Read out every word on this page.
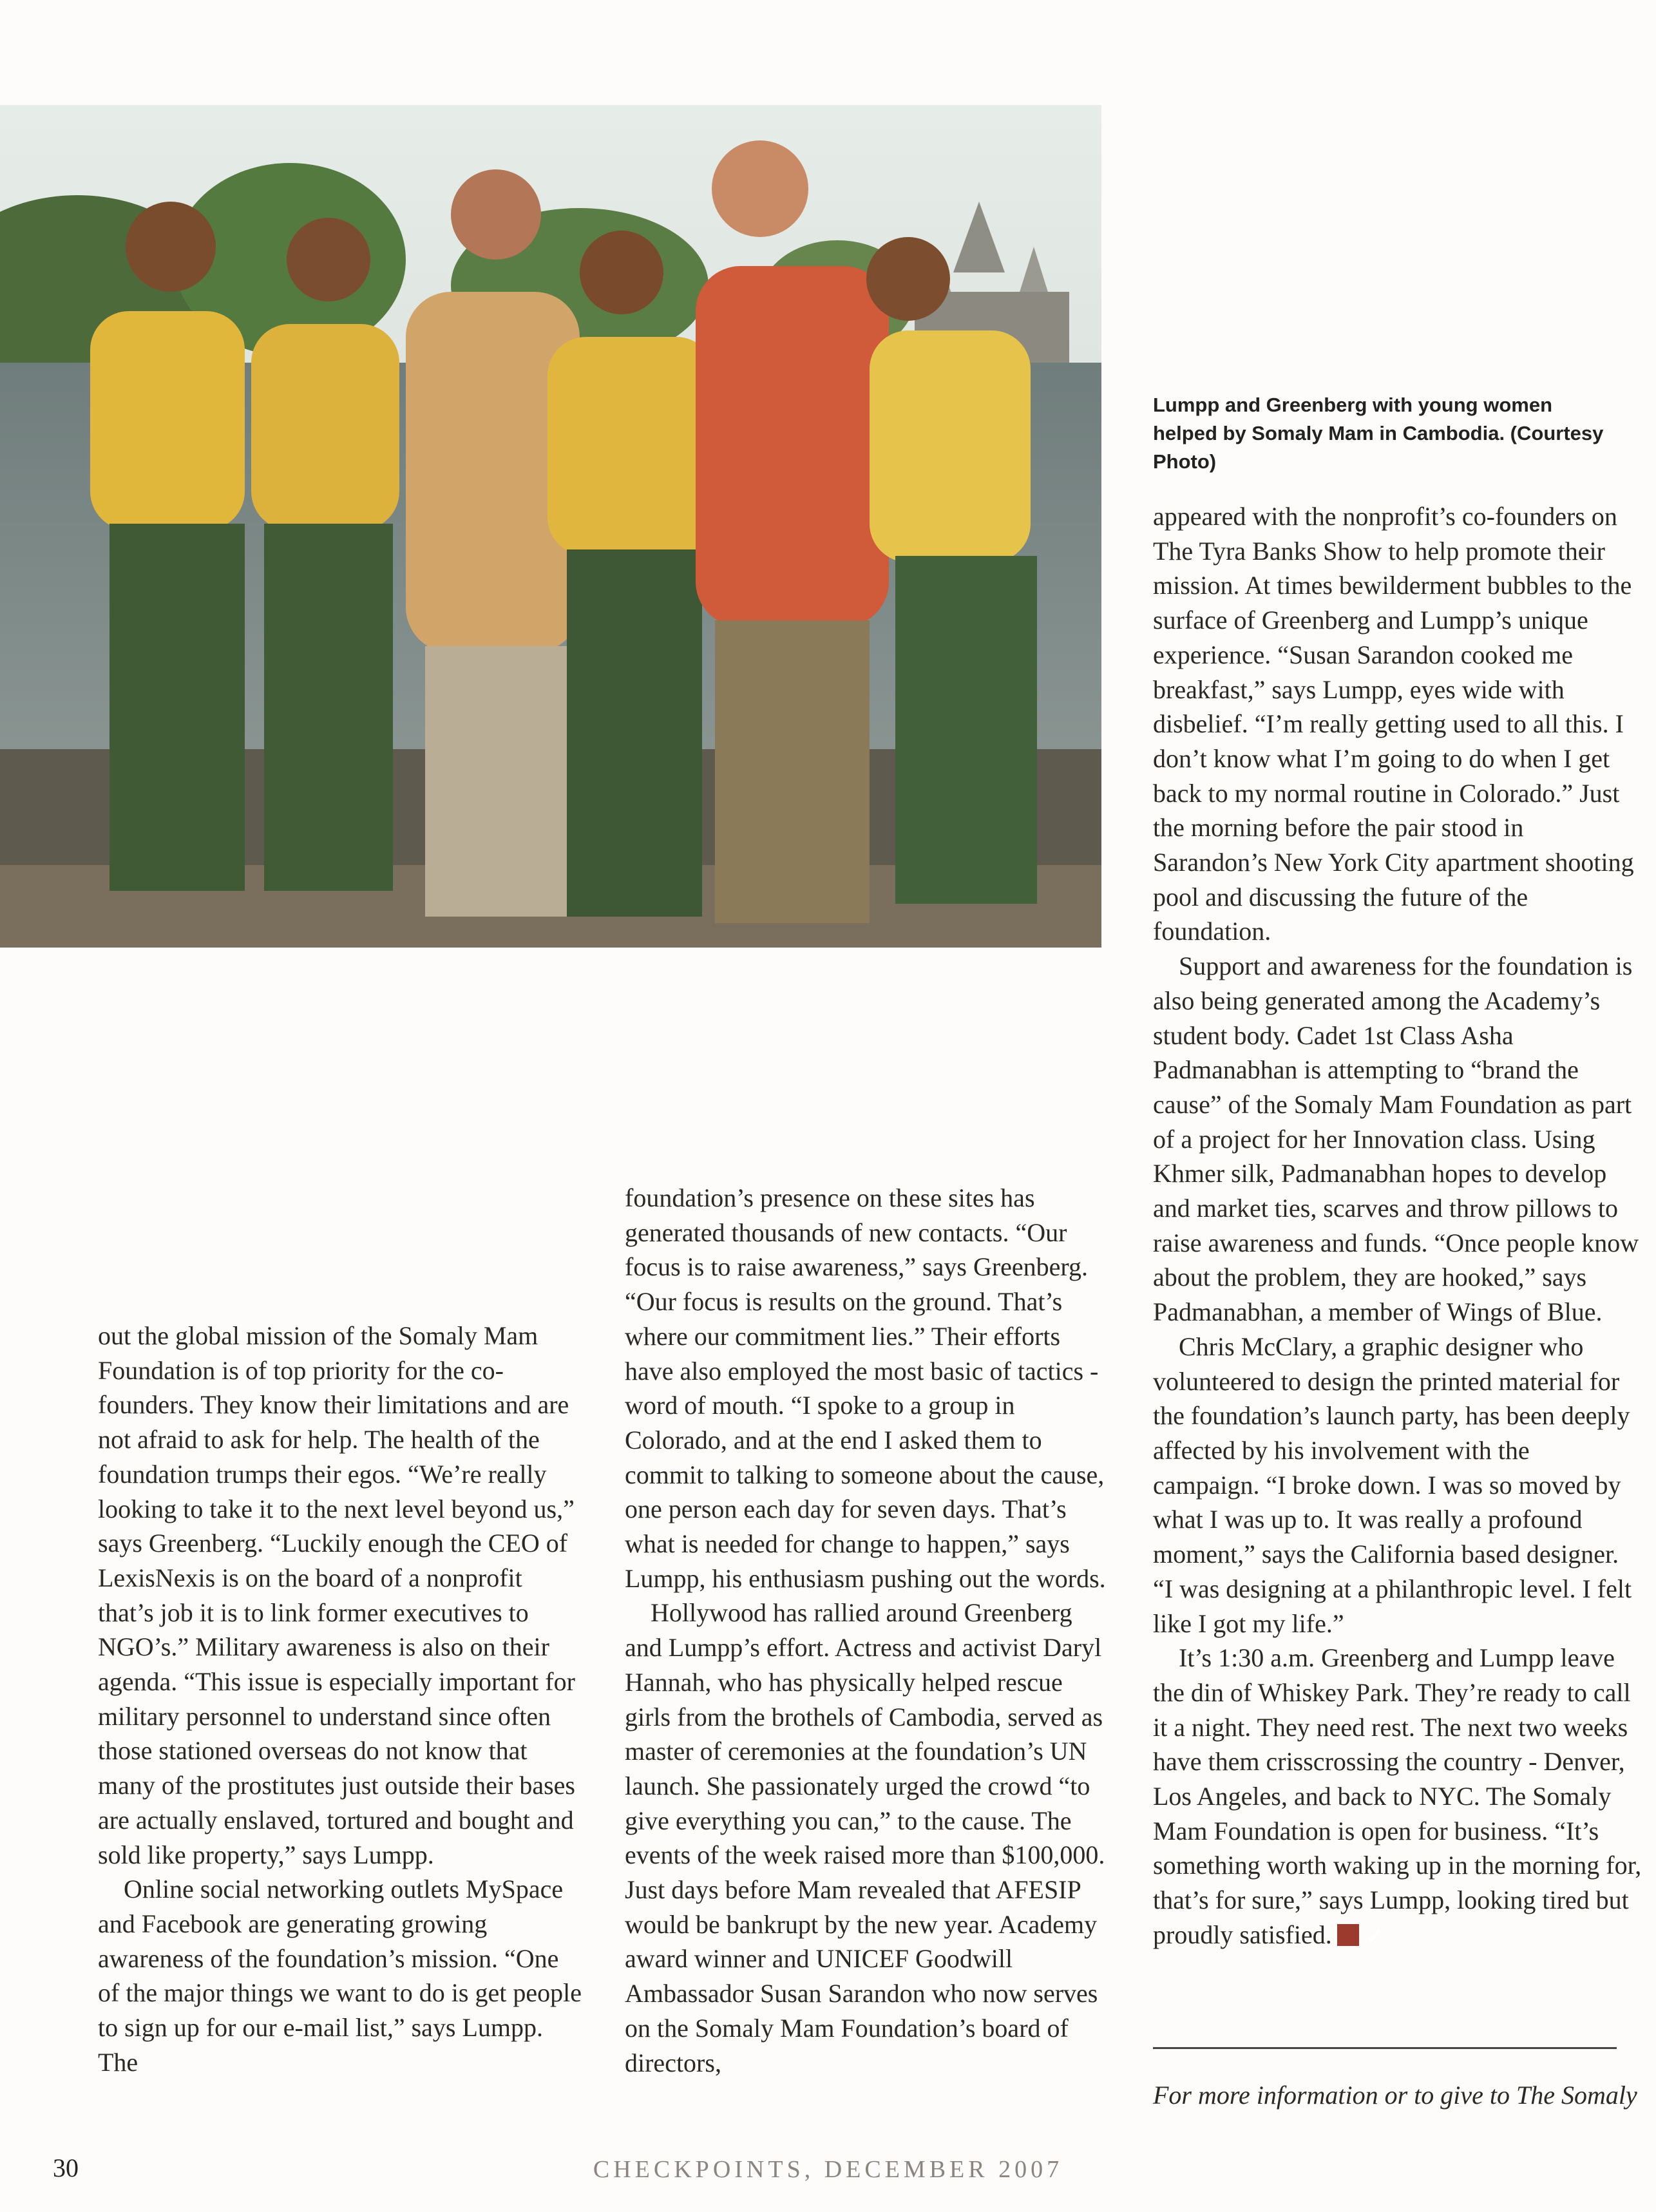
Lumpp and Greenberg with young women helped by Somaly Mam in Cambodia. (Courtesy Photo)

out the global mission of the Somaly Mam Foundation is of top priority for the co-founders. They know their limitations and are not afraid to ask for help. The health of the foundation trumps their egos. “We’re really looking to take it to the next level beyond us,” says Greenberg. “Luckily enough the CEO of LexisNexis is on the board of a nonprofit that’s job it is to link former executives to NGO’s.” Military awareness is also on their agenda. “This issue is especially important for military personnel to understand since often those stationed overseas do not know that many of the prostitutes just outside their bases are actually enslaved, tortured and bought and sold like property,” says Lumpp.

Online social networking outlets MySpace and Facebook are generating growing awareness of the foundation’s mission. “One of the major things we want to do is get people to sign up for our e-mail list,” says Lumpp. The

foundation’s presence on these sites has generated thousands of new contacts. “Our focus is to raise awareness,” says Greenberg. “Our focus is results on the ground. That’s where our commitment lies.” Their efforts have also employed the most basic of tactics - word of mouth. “I spoke to a group in Colorado, and at the end I asked them to commit to talking to someone about the cause, one person each day for seven days. That’s what is needed for change to happen,” says Lumpp, his enthusiasm pushing out the words.

Hollywood has rallied around Greenberg and Lumpp’s effort. Actress and activist Daryl Hannah, who has physically helped rescue girls from the brothels of Cambodia, served as master of ceremonies at the foundation’s UN launch. She passionately urged the crowd “to give everything you can,” to the cause. The events of the week raised more than $100,000. Just days before Mam revealed that AFESIP would be bankrupt by the new year. Academy award winner and UNICEF Goodwill Ambassador Susan Sarandon who now serves on the Somaly Mam Foundation’s board of directors,

appeared with the nonprofit’s co-founders on The Tyra Banks Show to help promote their mission. At times bewilderment bubbles to the surface of Greenberg and Lumpp’s unique experience. “Susan Sarandon cooked me breakfast,” says Lumpp, eyes wide with disbelief. “I’m really getting used to all this. I don’t know what I’m going to do when I get back to my normal routine in Colorado.” Just the morning before the pair stood in Sarandon’s New York City apartment shooting pool and discussing the future of the foundation.

Support and awareness for the foundation is also being generated among the Academy’s student body. Cadet 1st Class Asha Padmanabhan is attempting to “brand the cause” of the Somaly Mam Foundation as part of a project for her Innovation class. Using Khmer silk, Padmanabhan hopes to develop and market ties, scarves and throw pillows to raise awareness and funds. “Once people know about the problem, they are hooked,” says Padmanabhan, a member of Wings of Blue.

Chris McClary, a graphic designer who volunteered to design the printed material for the foundation’s launch party, has been deeply affected by his involvement with the campaign. “I broke down. I was so moved by what I was up to. It was really a profound moment,” says the California based designer. “I was designing at a philanthropic level. I felt like I got my life.”

It’s 1:30 a.m. Greenberg and Lumpp leave the din of Whiskey Park. They’re ready to call it a night. They need rest. The next two weeks have them crisscrossing the country - Denver, Los Angeles, and back to NYC. The Somaly Mam Foundation is open for business. “It’s something worth waking up in the morning for, that’s for sure,” says Lumpp, looking tired but proudly satisfied.✓

For more information or to give to The Somaly
30	CHECKPOINTS, DECEMBER 2007
